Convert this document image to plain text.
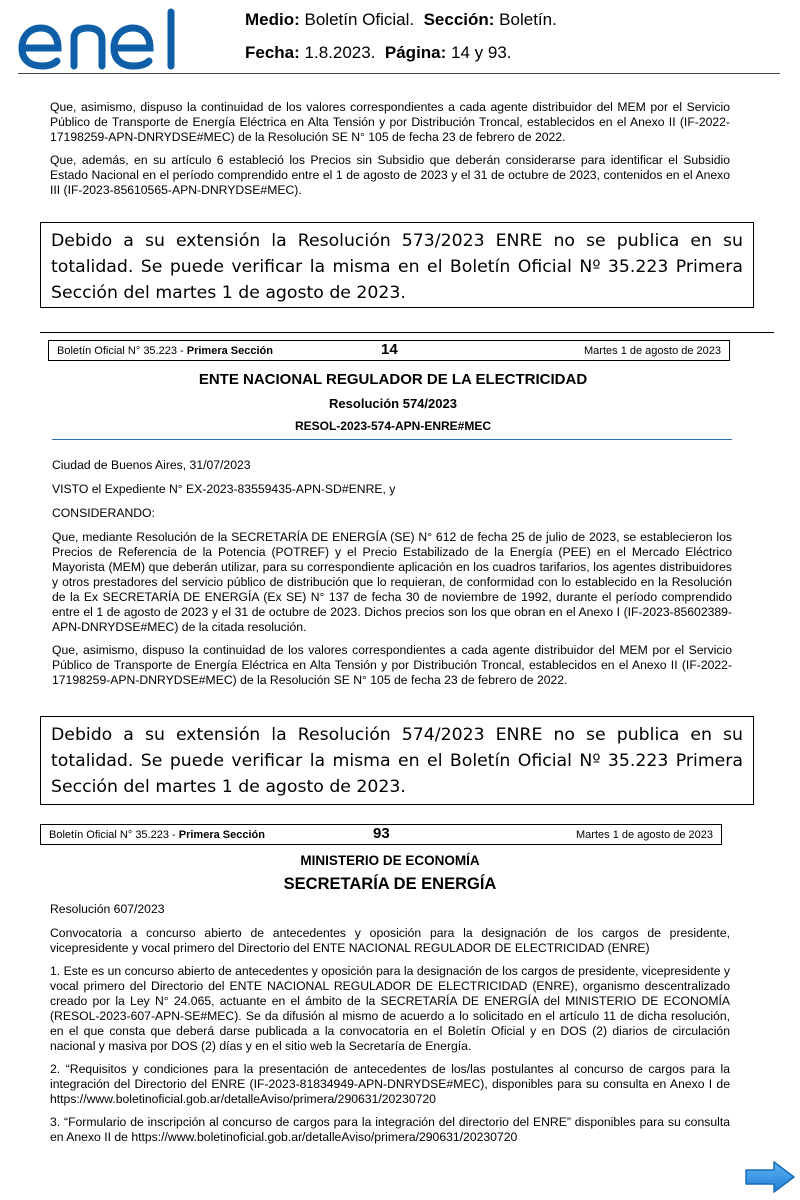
Medio: Boletín Oficial. Sección: Boletín.
Fecha: 1.8.2023. Página: 14 y 93.

Que, asimismo, dispuso la continuidad de los valores correspondientes a cada agente distribuidor del MEM por el Servicio Público de Transporte de Energía Eléctrica en Alta Tensión y por Distribución Troncal, establecidos en el Anexo II (IF-2022-17198259-APN-DNRYDSE#MEC) de la Resolución SE N° 105 de fecha 23 de febrero de 2022.

Que, además, en su artículo 6 estableció los Precios sin Subsidio que deberán considerarse para identificar el Subsidio Estado Nacional en el período comprendido entre el 1 de agosto de 2023 y el 31 de octubre de 2023, contenidos en el Anexo III (IF-2023-85610565-APN-DNRYDSE#MEC).

Debido a su extensión la Resolución 573/2023 ENRE no se publica en su totalidad. Se puede verificar la misma en el Boletín Oficial Nº 35.223 Primera Sección del martes 1 de agosto de 2023.
Boletín Oficial N° 35.223 - Primera Sección	14	Martes 1 de agosto de 2023
ENTE NACIONAL REGULADOR DE LA ELECTRICIDAD
Resolución 574/2023
RESOL-2023-574-APN-ENRE#MEC

Ciudad de Buenos Aires, 31/07/2023

VISTO el Expediente N° EX-2023-83559435-APN-SD#ENRE, y

CONSIDERANDO:

Que, mediante Resolución de la SECRETARÍA DE ENERGÍA (SE) N° 612 de fecha 25 de julio de 2023, se establecieron los Precios de Referencia de la Potencia (POTREF) y el Precio Estabilizado de la Energía (PEE) en el Mercado Eléctrico Mayorista (MEM) que deberán utilizar, para su correspondiente aplicación en los cuadros tarifarios, los agentes distribuidores y otros prestadores del servicio público de distribución que lo requieran, de conformidad con lo establecido en la Resolución de la Ex SECRETARÍA DE ENERGÍA (Ex SE) N° 137 de fecha 30 de noviembre de 1992, durante el período comprendido entre el 1 de agosto de 2023 y el 31 de octubre de 2023. Dichos precios son los que obran en el Anexo I (IF-2023-85602389-APN-DNRYDSE#MEC) de la citada resolución.

Que, asimismo, dispuso la continuidad de los valores correspondientes a cada agente distribuidor del MEM por el Servicio Público de Transporte de Energía Eléctrica en Alta Tensión y por Distribución Troncal, establecidos en el Anexo II (IF-2022-17198259-APN-DNRYDSE#MEC) de la Resolución SE N° 105 de fecha 23 de febrero de 2022.

Debido a su extensión la Resolución 574/2023 ENRE no se publica en su totalidad. Se puede verificar la misma en el Boletín Oficial Nº 35.223 Primera Sección del martes 1 de agosto de 2023.
Boletín Oficial N° 35.223 - Primera Sección	93	Martes 1 de agosto de 2023
MINISTERIO DE ECONOMÍA
SECRETARÍA DE ENERGÍA

Resolución 607/2023

Convocatoria a concurso abierto de antecedentes y oposición para la designación de los cargos de presidente, vicepresidente y vocal primero del Directorio del ENTE NACIONAL REGULADOR DE ELECTRICIDAD (ENRE)

1. Este es un concurso abierto de antecedentes y oposición para la designación de los cargos de presidente, vicepresidente y vocal primero del Directorio del ENTE NACIONAL REGULADOR DE ELECTRICIDAD (ENRE), organismo descentralizado creado por la Ley N° 24.065, actuante en el ámbito de la SECRETARÍA DE ENERGÍA del MINISTERIO DE ECONOMÍA (RESOL-2023-607-APN-SE#MEC). Se da difusión al mismo de acuerdo a lo solicitado en el artículo 11 de dicha resolución, en el que consta que deberá darse publicada a la convocatoria en el Boletín Oficial y en DOS (2) diarios de circulación nacional y masiva por DOS (2) días y en el sitio web la Secretaría de Energía.

2. “Requisitos y condiciones para la presentación de antecedentes de los/las postulantes al concurso de cargos para la integración del Directorio del ENRE (IF-2023-81834949-APN-DNRYDSE#MEC), disponibles para su consulta en Anexo I de https://www.boletinoficial.gob.ar/detalleAviso/primera/290631/20230720

3. “Formulario de inscripción al concurso de cargos para la integración del directorio del ENRE” disponibles para su consulta en Anexo II de https://www.boletinoficial.gob.ar/detalleAviso/primera/290631/20230720
